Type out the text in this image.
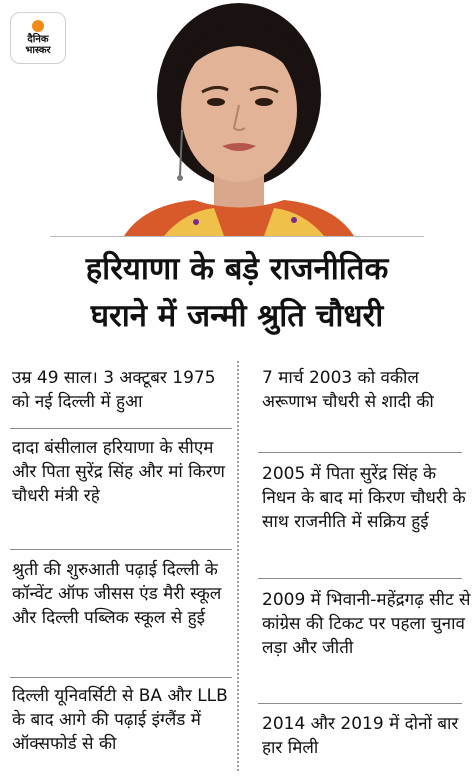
दैनिक
भास्कर
हरियाणा के बड़े राजनीतिक
घराने में जन्मी श्रुति चौधरी
उम्र 49 साल। 3 अक्टूबर 1975 को नई दिल्ली में हुआ
दादा बंसीलाल हरियाणा के सीएम और पिता सुरेंद्र सिंह और मां किरण चौधरी मंत्री रहे
श्रुती की शुरुआती पढ़ाई दिल्ली के कॉन्वेंट ऑफ जीसस एंड मैरी स्कूल और दिल्ली पब्लिक स्कूल से हुई
दिल्ली यूनिवर्सिटी से BA और LLB के बाद आगे की पढ़ाई इंग्लैंड में ऑक्सफोर्ड से की
7 मार्च 2003 को वकील अरूणाभ चौधरी से शादी की
2005 में पिता सुरेंद्र सिंह के निधन के बाद मां किरण चौधरी के साथ राजनीति में सक्रिय हुई
2009 में भिवानी-महेंद्रगढ़ सीट से कांग्रेस की टिकट पर पहला चुनाव लड़ा और जीती
2014 और 2019 में दोनों बार हार मिली
